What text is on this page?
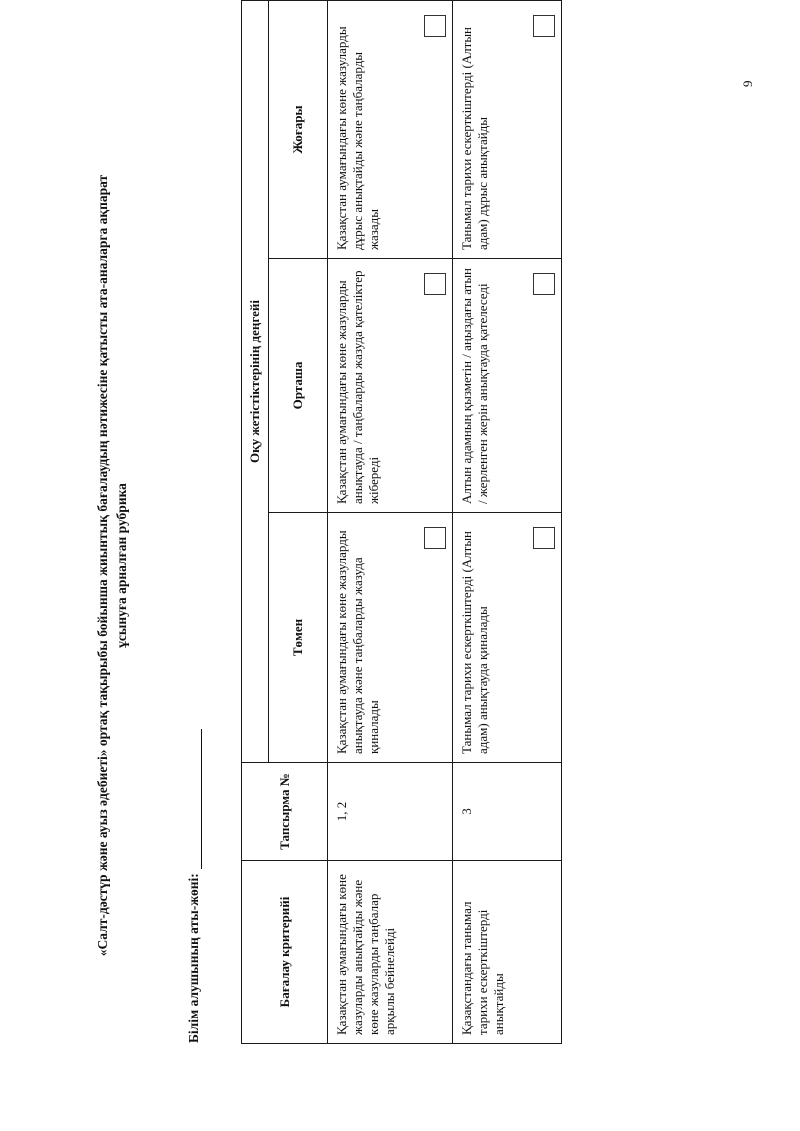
«Салт-дәстүр және ауыз әдебиеті» ортақ тақырыбы бойынша жиынтық бағалаудың нәтижесіне қатысты ата-аналарга ақпарат ұсынуға арналған рубрика
Білім алушының аты-жөні:	Бағалау критерийі	Тапсырма №	Оқу жетістіктерінің деңгейі		
		Төмен	Орташа	Жоғары
Қазақстан аумағындағы көне жазуларды анықтайды және көне жазуларды таңбалар арқылы бейнелейді	1, 2	Қазақстан аумағындағы көне жазуларды анықтауда және таңбаларды жазуда қиналады	Қазақстан аумағындағы көне жазуларды анықтауда / таңбаларды жазуда қателіктер жібереді	Қазақстан аумағындағы көне жазуларды дұрыс анықтайды және таңбаларды жазады

Қазақстандағы танымал тарихи ескерткіштерді анықтайды	3	Танымал тарихи ескерткіштерді (Алтын адам) анықтауда қиналады	Алтын адамның қызметін / аңыздағы атын / жерленген жерін анықтауда қателеседі	Танымал тарихи ескерткіштерді (Алтын адам) дұрыс анықтайды
9
